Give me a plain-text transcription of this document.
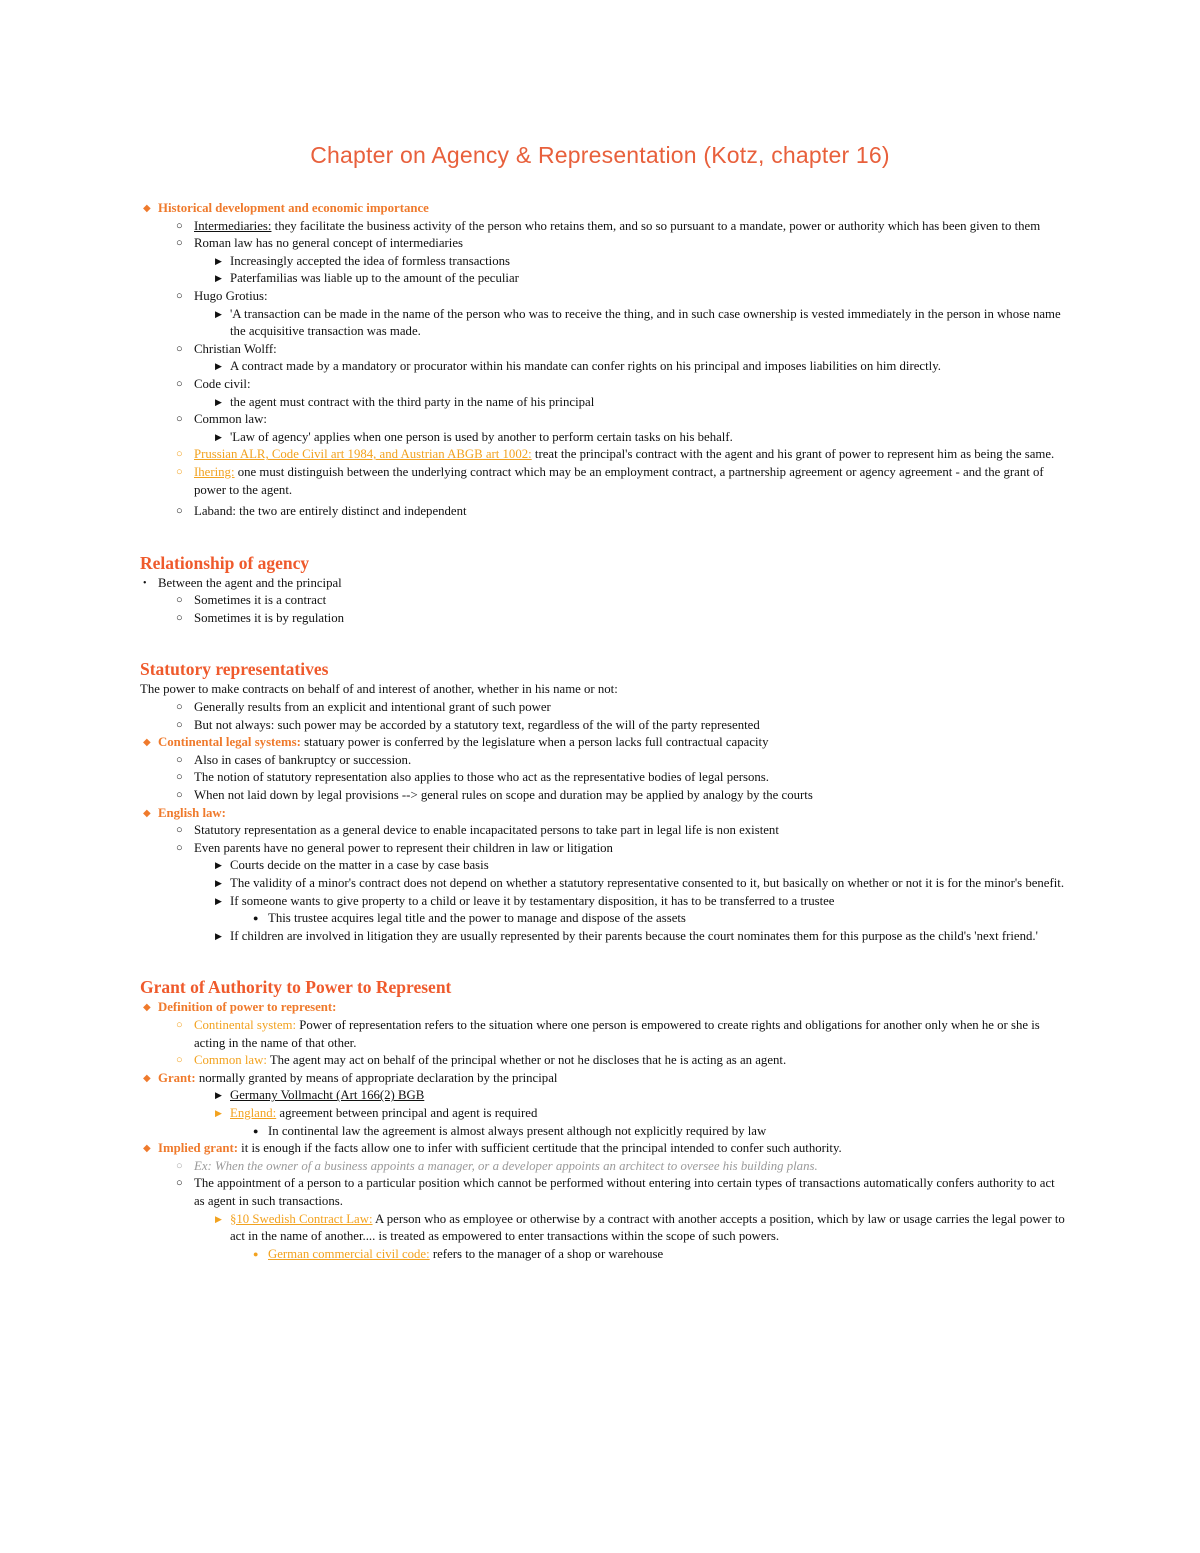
Chapter on Agency & Representation (Kotz, chapter 16)
◆ Historical development and economic importance
○ Intermediaries: they facilitate the business activity of the person who retains them, and so so pursuant to a mandate, power or authority which has been given to them
○ Roman law has no general concept of intermediaries
▶ Increasingly accepted the idea of formless transactions
▶ Paterfamilias was liable up to the amount of the peculiar
○ Hugo Grotius:
▶ 'A transaction can be made in the name of the person who was to receive the thing, and in such case ownership is vested immediately in the person in whose name the acquisitive transaction was made.
○ Christian Wolff:
▶ A contract made by a mandatory or procurator within his mandate can confer rights on his principal and imposes liabilities on him directly.
○ Code civil:
▶ the agent must contract with the third party in the name of his principal
○ Common law:
▶ 'Law of agency' applies when one person is used by another to perform certain tasks on his behalf.
○ Prussian ALR, Code Civil art 1984, and Austrian ABGB art 1002: treat the principal's contract with the agent and his grant of power to represent him as being the same.
○ Ihering: one must distinguish between the underlying contract which may be an employment contract, a partnership agreement or agency agreement - and the grant of power to the agent.
○ Laband: the two are entirely distinct and independent
Relationship of agency
• Between the agent and the principal
○ Sometimes it is a contract
○ Sometimes it is by regulation
Statutory representatives

The power to make contracts on behalf of and interest of another, whether in his name or not:

○ Generally results from an explicit and intentional grant of such power
○ But not always: such power may be accorded by a statutory text, regardless of the will of the party represented
◆ Continental legal systems: statuary power is conferred by the legislature when a person lacks full contractual capacity
○ Also in cases of bankruptcy or succession.
○ The notion of statutory representation also applies to those who act as the representative bodies of legal persons.
○ When not laid down by legal provisions --> general rules on scope and duration may be applied by analogy by the courts
◆ English law:
○ Statutory representation as a general device to enable incapacitated persons to take part in legal life is non existent
○ Even parents have no general power to represent their children in law or litigation
▶ Courts decide on the matter in a case by case basis
▶ The validity of a minor's contract does not depend on whether a statutory representative consented to it, but basically on whether or not it is for the minor's benefit.
▶ If someone wants to give property to a child or leave it by testamentary disposition, it has to be transferred to a trustee
● This trustee acquires legal title and the power to manage and dispose of the assets
▶ If children are involved in litigation they are usually represented by their parents because the court nominates them for this purpose as the child's 'next friend.'
Grant of Authority to Power to Represent
◆ Definition of power to represent:
○ Continental system: Power of representation refers to the situation where one person is empowered to create rights and obligations for another only when he or she is acting in the name of that other.
○ Common law: The agent may act on behalf of the principal whether or not he discloses that he is acting as an agent.
◆ Grant: normally granted by means of appropriate declaration by the principal
▶ Germany Vollmacht (Art 166(2) BGB
▶ England: agreement between principal and agent is required
● In continental law the agreement is almost always present although not explicitly required by law
◆ Implied grant: it is enough if the facts allow one to infer with sufficient certitude that the principal intended to confer such authority.
○ Ex: When the owner of a business appoints a manager, or a developer appoints an architect to oversee his building plans.
○ The appointment of a person to a particular position which cannot be performed without entering into certain types of transactions automatically confers authority to act as agent in such transactions.
▶ §10 Swedish Contract Law: A person who as employee or otherwise by a contract with another accepts a position, which by law or usage carries the legal power to act in the name of another.... is treated as empowered to enter transactions within the scope of such powers.
● German commercial civil code: refers to the manager of a shop or warehouse
